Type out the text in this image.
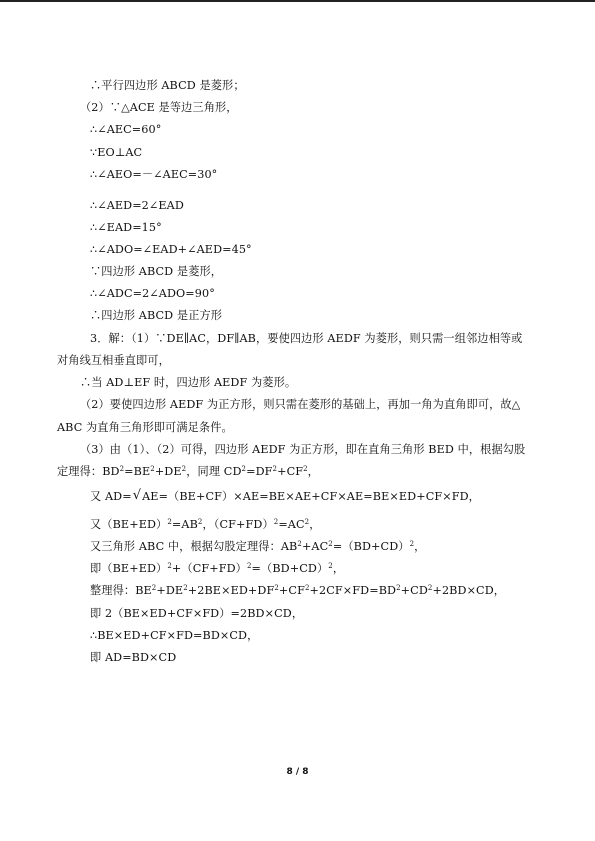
∴平行四边形 ABCD 是菱形；
（2）∵△ACE 是等边三角形，
∴∠AEC=60°
∵EO⊥AC
∴∠AEO=－∠AEC=30°
∴∠AED=2∠EAD
∴∠EAD=15°
∴∠ADO=∠EAD+∠AED=45°
∵四边形 ABCD 是菱形，
∴∠ADC=2∠ADO=90°
∴四边形 ABCD 是正方形
3．解：（1）∵DE∥AC，DF∥AB，要使四边形 AEDF 为菱形，则只需一组邻边相等或
对角线互相垂直即可，
∴当 AD⊥EF 时，四边形 AEDF 为菱形。
（2）要使四边形 AEDF 为正方形，则只需在菱形的基础上，再加一角为直角即可，故△
ABC 为直角三角形即可满足条件。
（3）由（1）、（2）可得，四边形 AEDF 为正方形，即在直角三角形 BED 中，根据勾股
定理得：$BD^2=BE^2+DE^2$，同理 $CD^2=DF^2+CF^2$，
又 AD=√AE=（BE+CF）×AE=BE×AE+CF×AE=BE×ED+CF×FD，
又$(BE+ED)^2=AB^2$，$(CF+FD)^2=AC^2$，
又三角形 ABC 中，根据勾股定理得：$AB^2+AC^2=(BD+CD)^2$，
即$(BE+ED)^2+(CF+FD)^2=(BD+CD)^2$，
整理得：$BE^2+DE^2+2BE\times ED+DF^2+CF^2+2CF\times FD=BD^2+CD^2+2BD\times CD$，
即 2（BE×ED+CF×FD）=2BD×CD，
∴BE×ED+CF×FD=BD×CD，
即 AD=BD×CD
8 / 8
